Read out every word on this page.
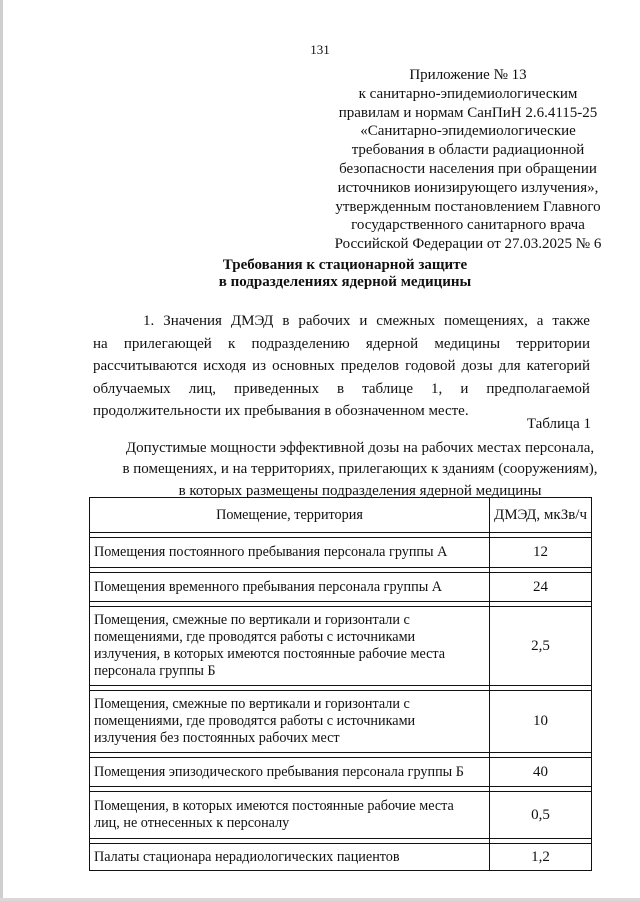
131
Приложение № 13
к санитарно-эпидемиологическим
правилам и нормам СанПиН 2.6.4115-25
«Санитарно-эпидемиологические
требования в области радиационной
безопасности населения при обращении
источников ионизирующего излучения»,
утвержденным постановлением Главного
государственного санитарного врача
Российской Федерации от 27.03.2025 № 6
Требования к стационарной защите
в подразделениях ядерной медицины
1. Значения ДМЭД в рабочих и смежных помещениях, а также
на прилегающей к подразделению ядерной медицины территории
рассчитываются исходя из основных пределов годовой дозы для категорий
облучаемых лиц, приведенных в таблице 1, и предполагаемой
продолжительности их пребывания в обозначенном месте.
Таблица 1
Допустимые мощности эффективной дозы на рабочих местах персонала,
в помещениях, и на территориях, прилегающих к зданиям (сооружениям),
в которых размещены подразделения ядерной медицины
Помещение, территория	ДМЭД, мкЗв/ч

Помещения постоянного пребывания персонала группы А	12

Помещения временного пребывания персонала группы А	24

Помещения, смежные по вертикали и горизонтали с
помещениями, где проводятся работы с источниками
излучения, в которых имеются постоянные рабочие места
персонала группы Б	2,5

Помещения, смежные по вертикали и горизонтали с
помещениями, где проводятся работы с источниками
излучения без постоянных рабочих мест	10

Помещения эпизодического пребывания персонала группы Б	40

Помещения, в которых имеются постоянные рабочие места
лиц, не отнесенных к персоналу	0,5

Палаты стационара нерадиологических пациентов	1,2
